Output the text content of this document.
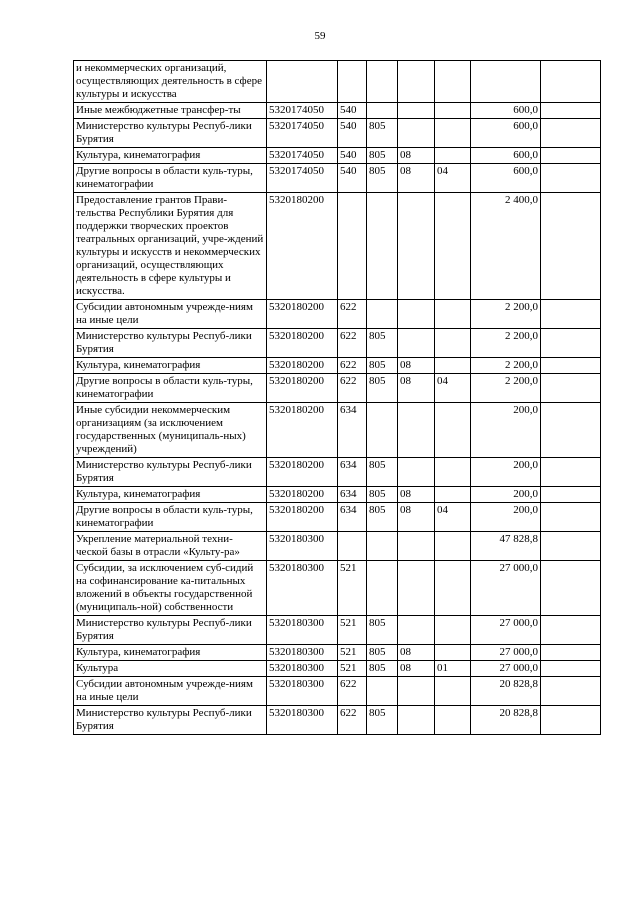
59
и некоммерческих организаций, осуществляющих деятельность в сфере культуры и искусства							
Иные межбюджетные трансфер-ты	5320174050	540				600,0	
Министерство культуры Респуб-лики Бурятия	5320174050	540	805			600,0	
Культура, кинематография	5320174050	540	805	08		600,0	
Другие вопросы в области куль-туры, кинематографии	5320174050	540	805	08	04	600,0	
Предоставление грантов Прави-тельства Республики Бурятия для поддержки творческих проектов театральных организаций, учре-ждений культуры и искусств и некоммерческих организаций, осуществляющих деятельность в сфере культуры и искусства.	5320180200					2 400,0	
Субсидии автономным учрежде-ниям на иные цели	5320180200	622				2 200,0	
Министерство культуры Респуб-лики Бурятия	5320180200	622	805			2 200,0	
Культура, кинематография	5320180200	622	805	08		2 200,0	
Другие вопросы в области куль-туры, кинематографии	5320180200	622	805	08	04	2 200,0	
Иные субсидии некоммерческим организациям (за исключением государственных (муниципаль-ных) учреждений)	5320180200	634				200,0	
Министерство культуры Респуб-лики Бурятия	5320180200	634	805			200,0	
Культура, кинематография	5320180200	634	805	08		200,0	
Другие вопросы в области куль-туры, кинематографии	5320180200	634	805	08	04	200,0	
Укрепление материальной техни-ческой базы в отрасли «Культу-ра»	5320180300					47 828,8	
Субсидии, за исключением суб-сидий на софинансирование ка-питальных вложений в объекты государственной (муниципаль-ной) собственности	5320180300	521				27 000,0	
Министерство культуры Респуб-лики Бурятия	5320180300	521	805			27 000,0	
Культура, кинематография	5320180300	521	805	08		27 000,0	
Культура	5320180300	521	805	08	01	27 000,0	
Субсидии автономным учрежде-ниям на иные цели	5320180300	622				20 828,8	
Министерство культуры Респуб-лики Бурятия	5320180300	622	805			20 828,8	
